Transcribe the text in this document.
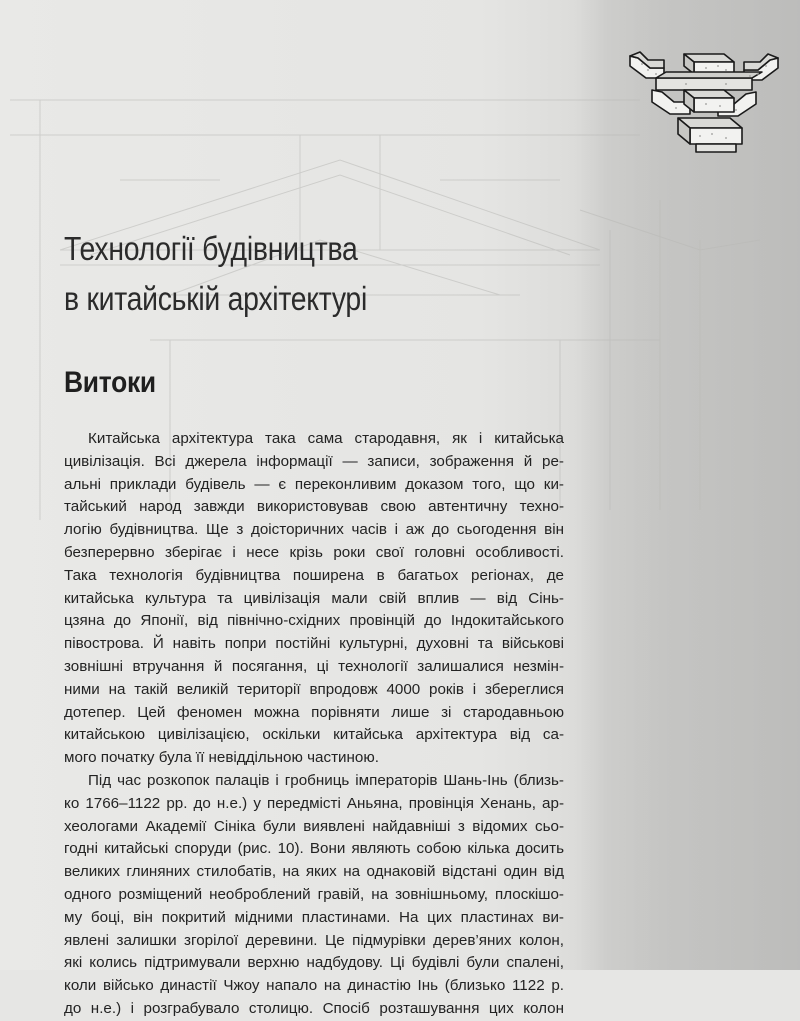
Технології будівництва
в китайській архітектурі
Витоки
Китайська архітектура така сама стародавня, як і китайська
цивілізація. Всі джерела інформації — записи, зображення й ре-
альні приклади будівель — є переконливим доказом того, що ки-
тайський народ завжди використовував свою автентичну техно-
логію будівництва. Ще з доісторичних часів і аж до сьогодення він
безперервно зберігає і несе крізь роки свої головні особливості.
Така технологія будівництва поширена в багатьох регіонах, де
китайська культура та цивілізація мали свій вплив — від Сінь-
цзяна до Японії, від північно-східних провінцій до Індокитайського
півострова. Й навіть попри постійні культурні, духовні та військові
зовнішні втручання й посягання, ці технології залишалися незмін-
ними на такій великій території впродовж 4000 років і збереглися
дотепер. Цей феномен можна порівняти лише зі стародавньою
китайською цивілізацією, оскільки китайська архітектура від са-
мого початку була її невіддільною частиною.
Під час розкопок палаців і гробниць імператорів Шань-Інь (близь-
ко 1766–1122 рр. до н.е.) у передмісті Аньяна, провінція Хенань, ар-
хеологами Академії Сініка були виявлені найдавніші з відомих сьо-
годні китайські споруди (рис. 10). Вони являють собою кілька досить
великих глиняних стилобатів, на яких на однаковій відстані один від
одного розміщений необроблений гравій, на зовнішньому, плоскішо-
му боці, він покритий мідними пластинами. На цих пластинах ви-
явлені залишки згорілої деревини. Це підмурівки дерев’яних колон,
які колись підтримували верхню надбудову. Ці будівлі були спалені,
коли військо династії Чжоу напало на династію Інь (близько 1122 р.
до н.е.) і розграбувало столицю. Спосіб розташування цих колон
